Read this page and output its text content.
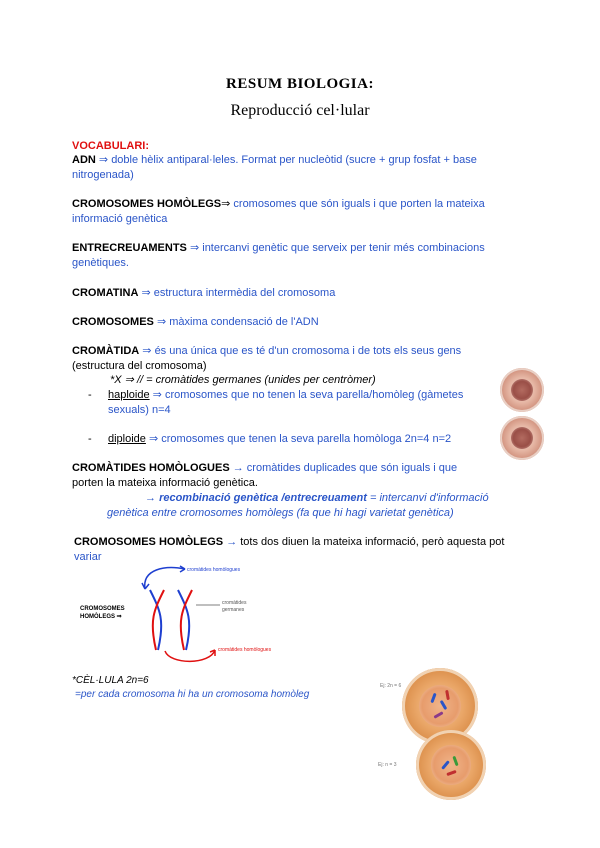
RESUM BIOLOGIA:
Reproducció cel·lular
VOCABULARI:
ADN ⇒ doble hèlix antiparal·leles. Format per nucleòtid (sucre + grup fosfat + base
nitrogenada)
CROMOSOMES HOMÒLEGS⇒ cromosomes que són iguals i que porten la mateixa
informació genètica
ENTRECREUAMENTS ⇒ intercanvi genètic que serveix per tenir més combinacions
genètiques.
CROMATINA ⇒ estructura intermèdia del cromosoma
CROMOSOMES ⇒ màxima condensació de l'ADN
CROMÀTIDA ⇒ és una única que es té d'un cromosoma i de tots els seus gens
(estructura del cromosoma)
*X ⇒ // = cromàtides germanes (unides per centròmer)
- haploide ⇒ cromosomes que no tenen la seva parella/homòleg (gàmetes
sexuals) n=4
- diploide ⇒ cromosomes que tenen la seva parella homòloga 2n=4 n=2
CROMÀTIDES HOMÒLOGUES → cromàtides duplicades que són iguals i que
porten la mateixa informació genètica.
→ recombinació genètica /entrecreuament = intercanvi d'informació
genètica entre cromosomes homòlegs (fa que hi hagi varietat genètica)
CROMOSOMES HOMÒLEGS → tots dos diuen la mateixa informació, però aquesta pot
variar
CROMOSOMES
HOMÒLEGS ⇒
cromàtides homòlogues
cromàtides
germanes
cromàtides homòlogues
*CÈL·LULA 2n=6
=per cada cromosoma hi ha un cromosoma homòleg
Ej: 2n = 6
Ej: n = 3
